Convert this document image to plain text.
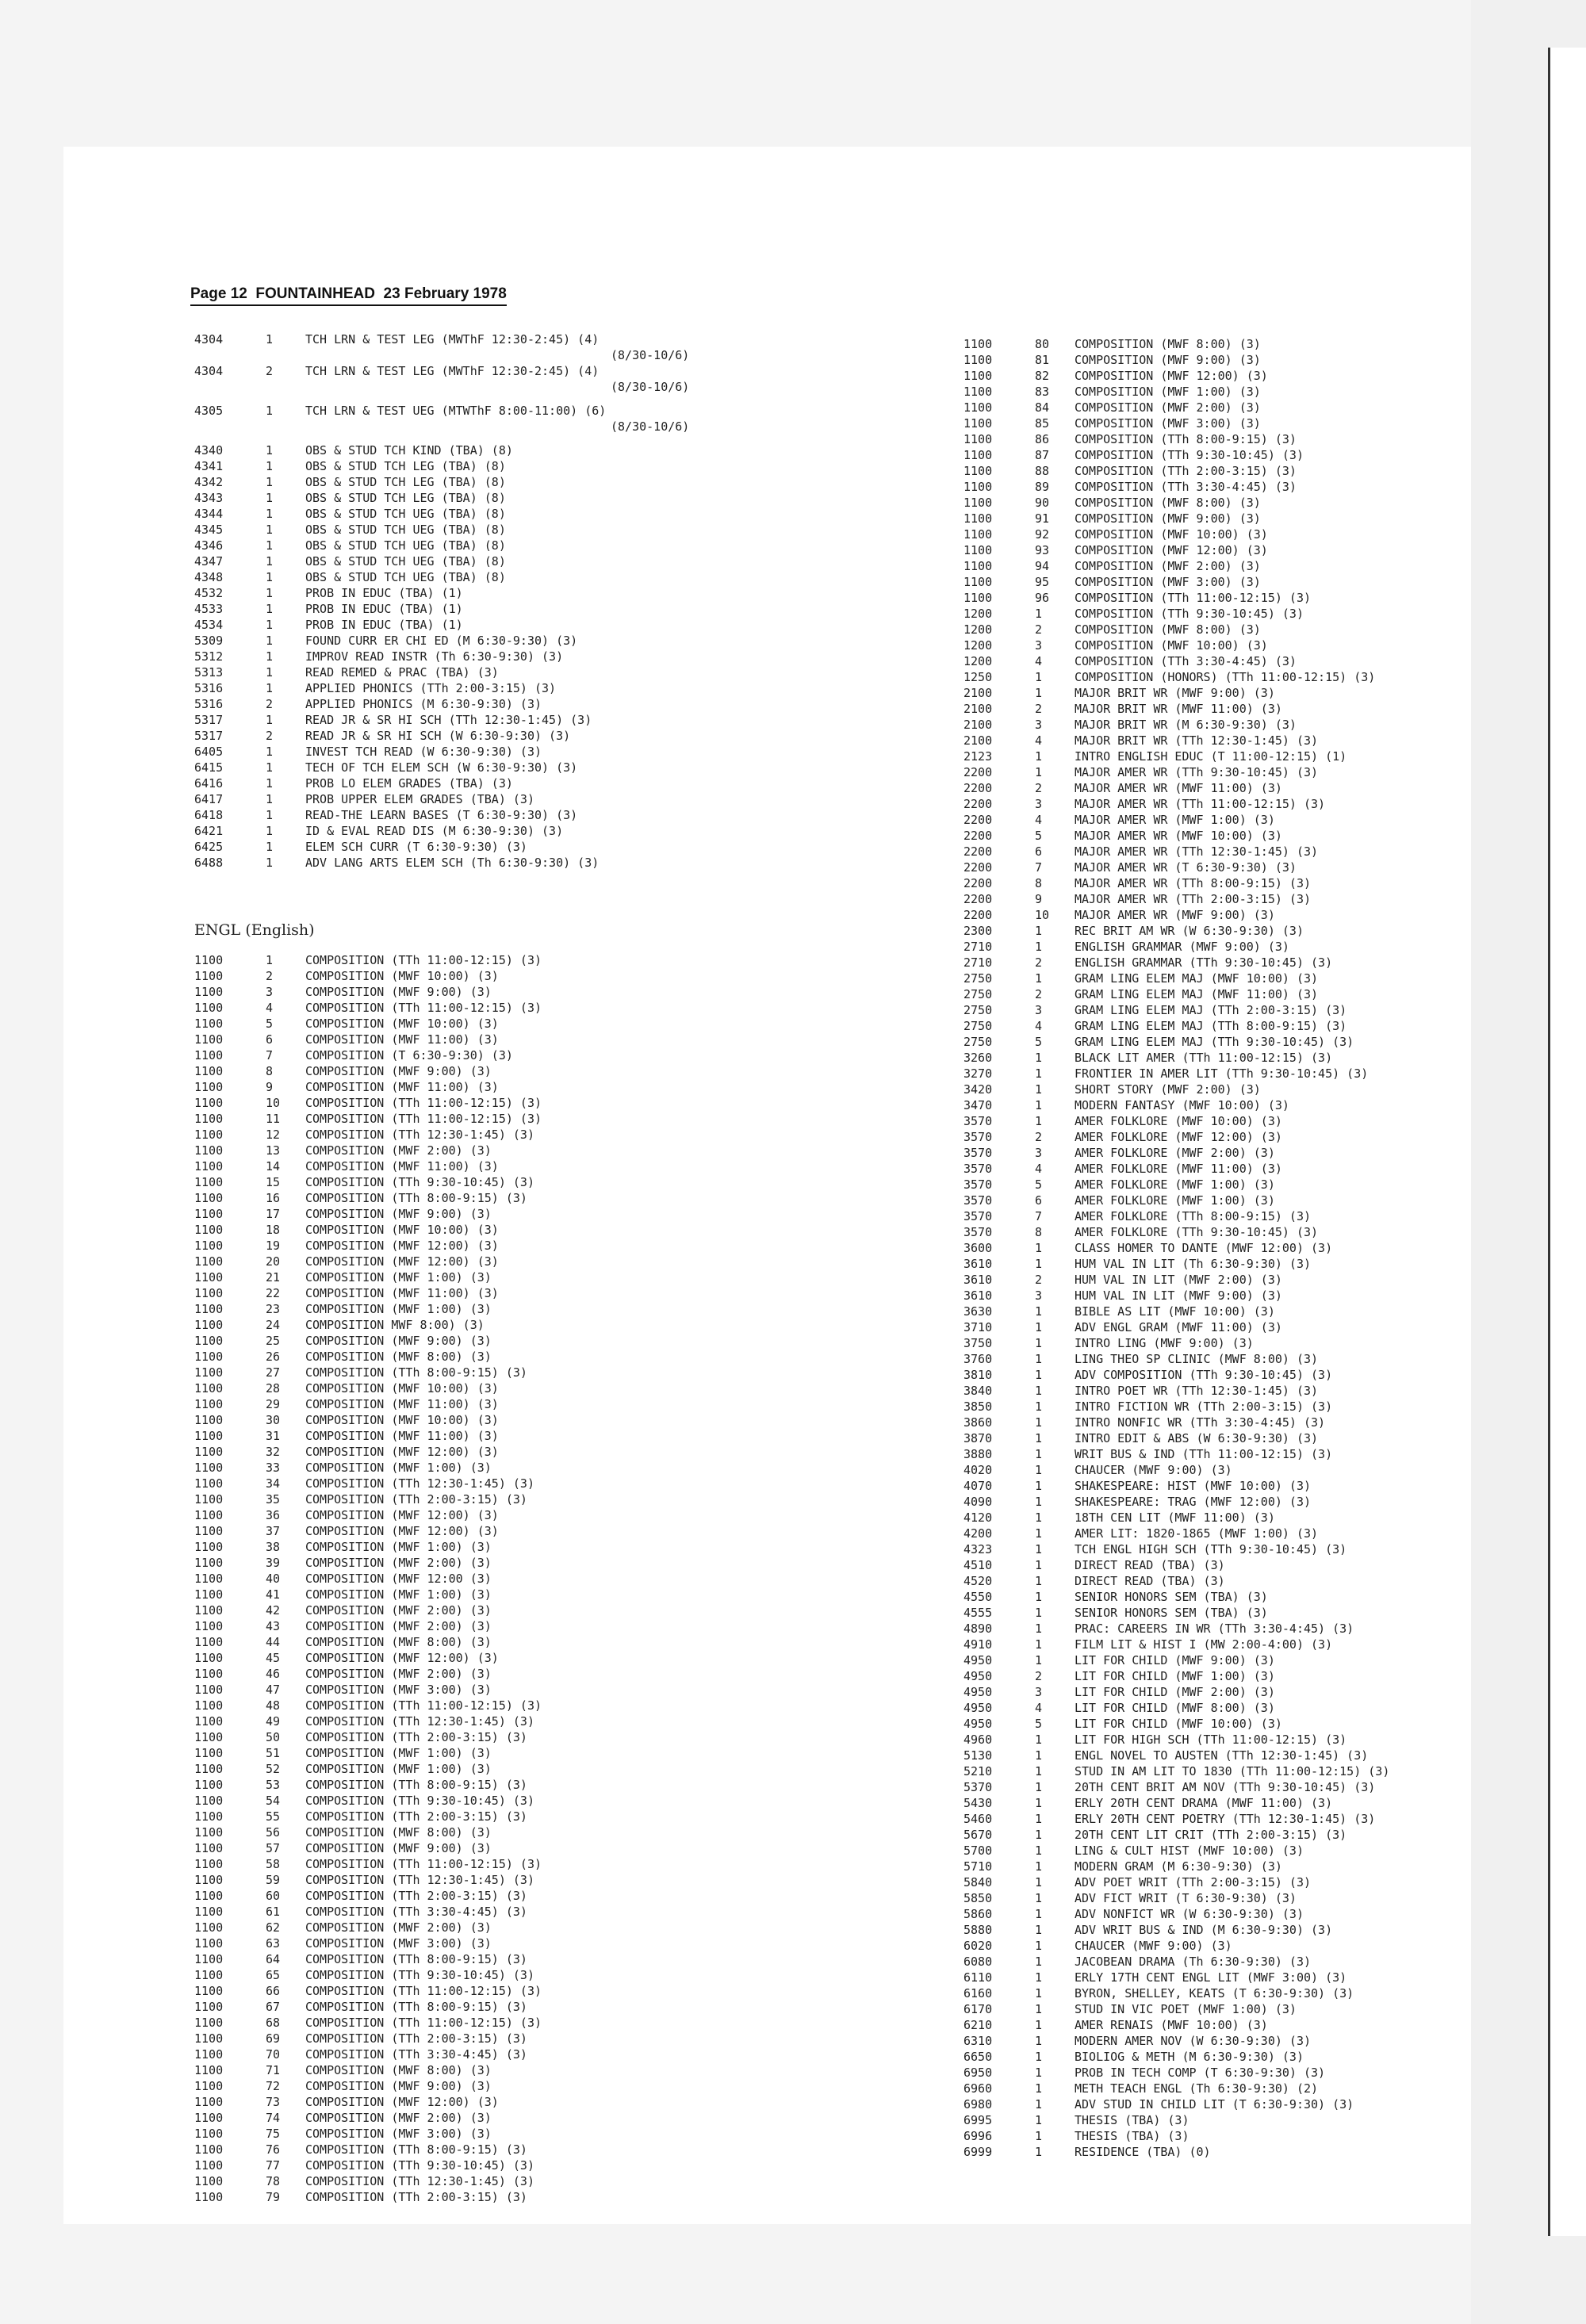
Page 12 FOUNTAINHEAD 23 February 1978
4304	1	TCH LRN & TEST LEG (MWThF 12:30-2:45) (4)
(8/30-10/6)
4304	2	TCH LRN & TEST LEG (MWThF 12:30-2:45) (4)
(8/30-10/6)
4305	1	TCH LRN & TEST UEG (MTWThF 8:00-11:00) (6)
(8/30-10/6)
4340	1	OBS & STUD TCH KIND (TBA) (8)
4341	1	OBS & STUD TCH LEG (TBA) (8)
4342	1	OBS & STUD TCH LEG (TBA) (8)
4343	1	OBS & STUD TCH LEG (TBA) (8)
4344	1	OBS & STUD TCH UEG (TBA) (8)
4345	1	OBS & STUD TCH UEG (TBA) (8)
4346	1	OBS & STUD TCH UEG (TBA) (8)
4347	1	OBS & STUD TCH UEG (TBA) (8)
4348	1	OBS & STUD TCH UEG (TBA) (8)
4532	1	PROB IN EDUC (TBA) (1)
4533	1	PROB IN EDUC (TBA) (1)
4534	1	PROB IN EDUC (TBA) (1)
5309	1	FOUND CURR ER CHI ED (M 6:30-9:30) (3)
5312	1	IMPROV READ INSTR (Th 6:30-9:30) (3)
5313	1	READ REMED & PRAC (TBA) (3)
5316	1	APPLIED PHONICS (TTh 2:00-3:15) (3)
5316	2	APPLIED PHONICS (M 6:30-9:30) (3)
5317	1	READ JR & SR HI SCH (TTh 12:30-1:45) (3)
5317	2	READ JR & SR HI SCH (W 6:30-9:30) (3)
6405	1	INVEST TCH READ (W 6:30-9:30) (3)
6415	1	TECH OF TCH ELEM SCH (W 6:30-9:30) (3)
6416	1	PROB LO ELEM GRADES (TBA) (3)
6417	1	PROB UPPER ELEM GRADES (TBA) (3)
6418	1	READ-THE LEARN BASES (T 6:30-9:30) (3)
6421	1	ID & EVAL READ DIS (M 6:30-9:30) (3)
6425	1	ELEM SCH CURR (T 6:30-9:30) (3)
6488	1	ADV LANG ARTS ELEM SCH (Th 6:30-9:30) (3)
ENGL (English)
1100	1	COMPOSITION (TTh 11:00-12:15) (3)
1100	2	COMPOSITION (MWF 10:00) (3)
1100	3	COMPOSITION (MWF 9:00) (3)
1100	4	COMPOSITION (TTh 11:00-12:15) (3)
1100	5	COMPOSITION (MWF 10:00) (3)
1100	6	COMPOSITION (MWF 11:00) (3)
1100	7	COMPOSITION (T 6:30-9:30) (3)
1100	8	COMPOSITION (MWF 9:00) (3)
1100	9	COMPOSITION (MWF 11:00) (3)
1100	10	COMPOSITION (TTh 11:00-12:15) (3)
1100	11	COMPOSITION (TTh 11:00-12:15) (3)
1100	12	COMPOSITION (TTh 12:30-1:45) (3)
1100	13	COMPOSITION (MWF 2:00) (3)
1100	14	COMPOSITION (MWF 11:00) (3)
1100	15	COMPOSITION (TTh 9:30-10:45) (3)
1100	16	COMPOSITION (TTh 8:00-9:15) (3)
1100	17	COMPOSITION (MWF 9:00) (3)
1100	18	COMPOSITION (MWF 10:00) (3)
1100	19	COMPOSITION (MWF 12:00) (3)
1100	20	COMPOSITION (MWF 12:00) (3)
1100	21	COMPOSITION (MWF 1:00) (3)
1100	22	COMPOSITION (MWF 11:00) (3)
1100	23	COMPOSITION (MWF 1:00) (3)
1100	24	COMPOSITION MWF 8:00) (3)
1100	25	COMPOSITION (MWF 9:00) (3)
1100	26	COMPOSITION (MWF 8:00) (3)
1100	27	COMPOSITION (TTh 8:00-9:15) (3)
1100	28	COMPOSITION (MWF 10:00) (3)
1100	29	COMPOSITION (MWF 11:00) (3)
1100	30	COMPOSITION (MWF 10:00) (3)
1100	31	COMPOSITION (MWF 11:00) (3)
1100	32	COMPOSITION (MWF 12:00) (3)
1100	33	COMPOSITION (MWF 1:00) (3)
1100	34	COMPOSITION (TTh 12:30-1:45) (3)
1100	35	COMPOSITION (TTh 2:00-3:15) (3)
1100	36	COMPOSITION (MWF 12:00) (3)
1100	37	COMPOSITION (MWF 12:00) (3)
1100	38	COMPOSITION (MWF 1:00) (3)
1100	39	COMPOSITION (MWF 2:00) (3)
1100	40	COMPOSITION (MWF 12:00 (3)
1100	41	COMPOSITION (MWF 1:00) (3)
1100	42	COMPOSITION (MWF 2:00) (3)
1100	43	COMPOSITION (MWF 2:00) (3)
1100	44	COMPOSITION (MWF 8:00) (3)
1100	45	COMPOSITION (MWF 12:00) (3)
1100	46	COMPOSITION (MWF 2:00) (3)
1100	47	COMPOSITION (MWF 3:00) (3)
1100	48	COMPOSITION (TTh 11:00-12:15) (3)
1100	49	COMPOSITION (TTh 12:30-1:45) (3)
1100	50	COMPOSITION (TTh 2:00-3:15) (3)
1100	51	COMPOSITION (MWF 1:00) (3)
1100	52	COMPOSITION (MWF 1:00) (3)
1100	53	COMPOSITION (TTh 8:00-9:15) (3)
1100	54	COMPOSITION (TTh 9:30-10:45) (3)
1100	55	COMPOSITION (TTh 2:00-3:15) (3)
1100	56	COMPOSITION (MWF 8:00) (3)
1100	57	COMPOSITION (MWF 9:00) (3)
1100	58	COMPOSITION (TTh 11:00-12:15) (3)
1100	59	COMPOSITION (TTh 12:30-1:45) (3)
1100	60	COMPOSITION (TTh 2:00-3:15) (3)
1100	61	COMPOSITION (TTh 3:30-4:45) (3)
1100	62	COMPOSITION (MWF 2:00) (3)
1100	63	COMPOSITION (MWF 3:00) (3)
1100	64	COMPOSITION (TTh 8:00-9:15) (3)
1100	65	COMPOSITION (TTh 9:30-10:45) (3)
1100	66	COMPOSITION (TTh 11:00-12:15) (3)
1100	67	COMPOSITION (TTh 8:00-9:15) (3)
1100	68	COMPOSITION (TTh 11:00-12:15) (3)
1100	69	COMPOSITION (TTh 2:00-3:15) (3)
1100	70	COMPOSITION (TTh 3:30-4:45) (3)
1100	71	COMPOSITION (MWF 8:00) (3)
1100	72	COMPOSITION (MWF 9:00) (3)
1100	73	COMPOSITION (MWF 12:00) (3)
1100	74	COMPOSITION (MWF 2:00) (3)
1100	75	COMPOSITION (MWF 3:00) (3)
1100	76	COMPOSITION (TTh 8:00-9:15) (3)
1100	77	COMPOSITION (TTh 9:30-10:45) (3)
1100	78	COMPOSITION (TTh 12:30-1:45) (3)
1100	79	COMPOSITION (TTh 2:00-3:15) (3)
1100	80	COMPOSITION (MWF 8:00) (3)
1100	81	COMPOSITION (MWF 9:00) (3)
1100	82	COMPOSITION (MWF 12:00) (3)
1100	83	COMPOSITION (MWF 1:00) (3)
1100	84	COMPOSITION (MWF 2:00) (3)
1100	85	COMPOSITION (MWF 3:00) (3)
1100	86	COMPOSITION (TTh 8:00-9:15) (3)
1100	87	COMPOSITION (TTh 9:30-10:45) (3)
1100	88	COMPOSITION (TTh 2:00-3:15) (3)
1100	89	COMPOSITION (TTh 3:30-4:45) (3)
1100	90	COMPOSITION (MWF 8:00) (3)
1100	91	COMPOSITION (MWF 9:00) (3)
1100	92	COMPOSITION (MWF 10:00) (3)
1100	93	COMPOSITION (MWF 12:00) (3)
1100	94	COMPOSITION (MWF 2:00) (3)
1100	95	COMPOSITION (MWF 3:00) (3)
1100	96	COMPOSITION (TTh 11:00-12:15) (3)
1200	1	COMPOSITION (TTh 9:30-10:45) (3)
1200	2	COMPOSITION (MWF 8:00) (3)
1200	3	COMPOSITION (MWF 10:00) (3)
1200	4	COMPOSITION (TTh 3:30-4:45) (3)
1250	1	COMPOSITION (HONORS) (TTh 11:00-12:15) (3)
2100	1	MAJOR BRIT WR (MWF 9:00) (3)
2100	2	MAJOR BRIT WR (MWF 11:00) (3)
2100	3	MAJOR BRIT WR (M 6:30-9:30) (3)
2100	4	MAJOR BRIT WR (TTh 12:30-1:45) (3)
2123	1	INTRO ENGLISH EDUC (T 11:00-12:15) (1)
2200	1	MAJOR AMER WR (TTh 9:30-10:45) (3)
2200	2	MAJOR AMER WR (MWF 11:00) (3)
2200	3	MAJOR AMER WR (TTh 11:00-12:15) (3)
2200	4	MAJOR AMER WR (MWF 1:00) (3)
2200	5	MAJOR AMER WR (MWF 10:00) (3)
2200	6	MAJOR AMER WR (TTh 12:30-1:45) (3)
2200	7	MAJOR AMER WR (T 6:30-9:30) (3)
2200	8	MAJOR AMER WR (TTh 8:00-9:15) (3)
2200	9	MAJOR AMER WR (TTh 2:00-3:15) (3)
2200	10	MAJOR AMER WR (MWF 9:00) (3)
2300	1	REC BRIT AM WR (W 6:30-9:30) (3)
2710	1	ENGLISH GRAMMAR (MWF 9:00) (3)
2710	2	ENGLISH GRAMMAR (TTh 9:30-10:45) (3)
2750	1	GRAM LING ELEM MAJ (MWF 10:00) (3)
2750	2	GRAM LING ELEM MAJ (MWF 11:00) (3)
2750	3	GRAM LING ELEM MAJ (TTh 2:00-3:15) (3)
2750	4	GRAM LING ELEM MAJ (TTh 8:00-9:15) (3)
2750	5	GRAM LING ELEM MAJ (TTh 9:30-10:45) (3)
3260	1	BLACK LIT AMER (TTh 11:00-12:15) (3)
3270	1	FRONTIER IN AMER LIT (TTh 9:30-10:45) (3)
3420	1	SHORT STORY (MWF 2:00) (3)
3470	1	MODERN FANTASY (MWF 10:00) (3)
3570	1	AMER FOLKLORE (MWF 10:00) (3)
3570	2	AMER FOLKLORE (MWF 12:00) (3)
3570	3	AMER FOLKLORE (MWF 2:00) (3)
3570	4	AMER FOLKLORE (MWF 11:00) (3)
3570	5	AMER FOLKLORE (MWF 1:00) (3)
3570	6	AMER FOLKLORE (MWF 1:00) (3)
3570	7	AMER FOLKLORE (TTh 8:00-9:15) (3)
3570	8	AMER FOLKLORE (TTh 9:30-10:45) (3)
3600	1	CLASS HOMER TO DANTE (MWF 12:00) (3)
3610	1	HUM VAL IN LIT (Th 6:30-9:30) (3)
3610	2	HUM VAL IN LIT (MWF 2:00) (3)
3610	3	HUM VAL IN LIT (MWF 9:00) (3)
3630	1	BIBLE AS LIT (MWF 10:00) (3)
3710	1	ADV ENGL GRAM (MWF 11:00) (3)
3750	1	INTRO LING (MWF 9:00) (3)
3760	1	LING THEO SP CLINIC (MWF 8:00) (3)
3810	1	ADV COMPOSITION (TTh 9:30-10:45) (3)
3840	1	INTRO POET WR (TTh 12:30-1:45) (3)
3850	1	INTRO FICTION WR (TTh 2:00-3:15) (3)
3860	1	INTRO NONFIC WR (TTh 3:30-4:45) (3)
3870	1	INTRO EDIT & ABS (W 6:30-9:30) (3)
3880	1	WRIT BUS & IND (TTh 11:00-12:15) (3)
4020	1	CHAUCER (MWF 9:00) (3)
4070	1	SHAKESPEARE: HIST (MWF 10:00) (3)
4090	1	SHAKESPEARE: TRAG (MWF 12:00) (3)
4120	1	18TH CEN LIT (MWF 11:00) (3)
4200	1	AMER LIT: 1820-1865 (MWF 1:00) (3)
4323	1	TCH ENGL HIGH SCH (TTh 9:30-10:45) (3)
4510	1	DIRECT READ (TBA) (3)
4520	1	DIRECT READ (TBA) (3)
4550	1	SENIOR HONORS SEM (TBA) (3)
4555	1	SENIOR HONORS SEM (TBA) (3)
4890	1	PRAC: CAREERS IN WR (TTh 3:30-4:45) (3)
4910	1	FILM LIT & HIST I (MW 2:00-4:00) (3)
4950	1	LIT FOR CHILD (MWF 9:00) (3)
4950	2	LIT FOR CHILD (MWF 1:00) (3)
4950	3	LIT FOR CHILD (MWF 2:00) (3)
4950	4	LIT FOR CHILD (MWF 8:00) (3)
4950	5	LIT FOR CHILD (MWF 10:00) (3)
4960	1	LIT FOR HIGH SCH (TTh 11:00-12:15) (3)
5130	1	ENGL NOVEL TO AUSTEN (TTh 12:30-1:45) (3)
5210	1	STUD IN AM LIT TO 1830 (TTh 11:00-12:15) (3)
5370	1	20TH CENT BRIT AM NOV (TTh 9:30-10:45) (3)
5430	1	ERLY 20TH CENT DRAMA (MWF 11:00) (3)
5460	1	ERLY 20TH CENT POETRY (TTh 12:30-1:45) (3)
5670	1	20TH CENT LIT CRIT (TTh 2:00-3:15) (3)
5700	1	LING & CULT HIST (MWF 10:00) (3)
5710	1	MODERN GRAM (M 6:30-9:30) (3)
5840	1	ADV POET WRIT (TTh 2:00-3:15) (3)
5850	1	ADV FICT WRIT (T 6:30-9:30) (3)
5860	1	ADV NONFICT WR (W 6:30-9:30) (3)
5880	1	ADV WRIT BUS & IND (M 6:30-9:30) (3)
6020	1	CHAUCER (MWF 9:00) (3)
6080	1	JACOBEAN DRAMA (Th 6:30-9:30) (3)
6110	1	ERLY 17TH CENT ENGL LIT (MWF 3:00) (3)
6160	1	BYRON, SHELLEY, KEATS (T 6:30-9:30) (3)
6170	1	STUD IN VIC POET (MWF 1:00) (3)
6210	1	AMER RENAIS (MWF 10:00) (3)
6310	1	MODERN AMER NOV (W 6:30-9:30) (3)
6650	1	BIOLIOG & METH (M 6:30-9:30) (3)
6950	1	PROB IN TECH COMP (T 6:30-9:30) (3)
6960	1	METH TEACH ENGL (Th 6:30-9:30) (2)
6980	1	ADV STUD IN CHILD LIT (T 6:30-9:30) (3)
6995	1	THESIS (TBA) (3)
6996	1	THESIS (TBA) (3)
6999	1	RESIDENCE (TBA) (0)
